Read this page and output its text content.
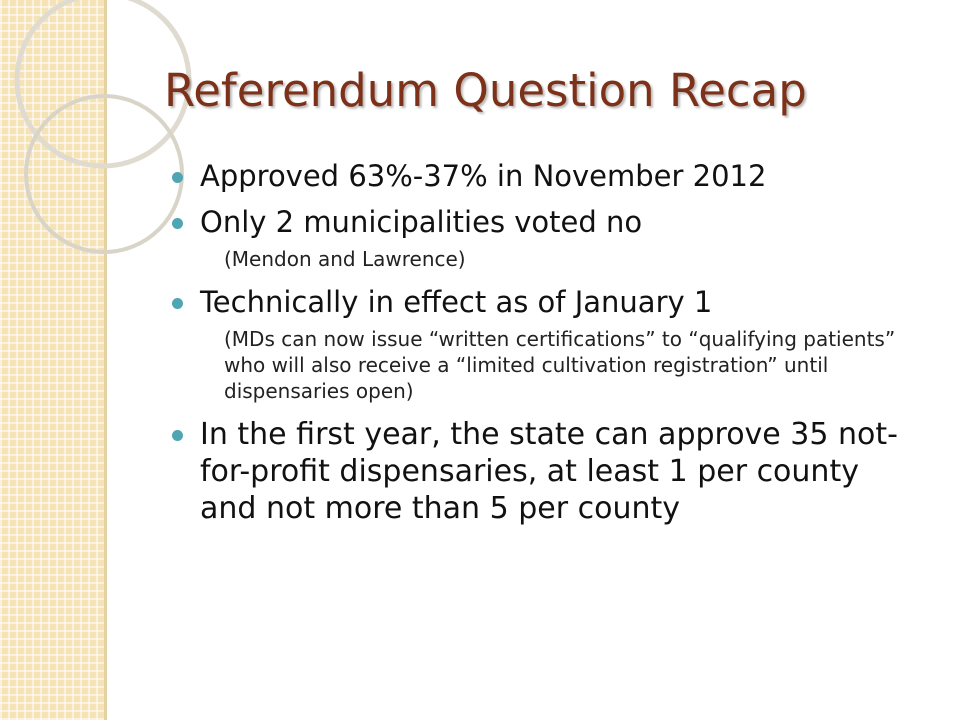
Referendum Question Recap
Approved 63%-37% in November 2012
Only 2 municipalities voted no
(Mendon and Lawrence)
Technically in effect as of January 1
(MDs can now issue “written certifications” to “qualifying patients” who will also receive a “limited cultivation registration” until dispensaries open)
In the first year, the state can approve 35 not-for-profit dispensaries, at least 1 per county and not more than 5 per county
